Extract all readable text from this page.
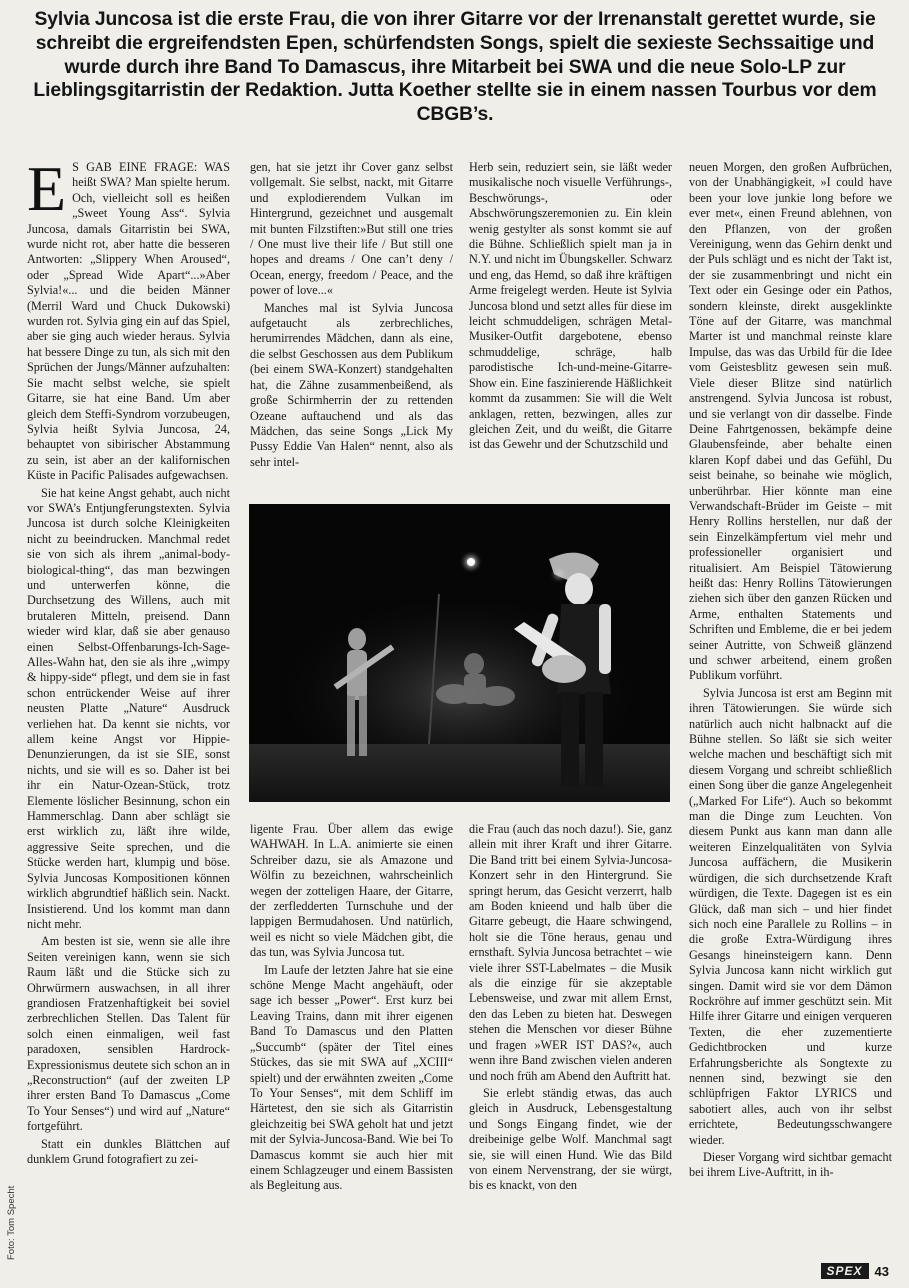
Sylvia Juncosa ist die erste Frau, die von ihrer Gitarre vor der Irrenanstalt gerettet wurde, sie schreibt die ergreifendsten Epen, schürfendsten Songs, spielt die sexieste Sechssaitige und wurde durch ihre Band To Damascus, ihre Mitarbeit bei SWA und die neue Solo-LP zur Lieblingsgitarristin der Redaktion. Jutta Koether stellte sie in einem nassen Tourbus vor dem CBGB’s.

E S GAB EINE FRAGE: WAS heißt SWA? Man spielte herum. Och, vielleicht soll es heißen „Sweet Young Ass“. Sylvia Juncosa, damals Gitarristin bei SWA, wurde nicht rot, aber hatte die besseren Antworten: „Slippery When Aroused“, oder „Spread Wide Apart“...»Aber Sylvia!«... und die beiden Männer (Merril Ward und Chuck Dukowski) wurden rot. Sylvia ging ein auf das Spiel, aber sie ging auch wieder heraus. Sylvia hat bessere Dinge zu tun, als sich mit den Sprüchen der Jungs/Männer aufzuhalten: Sie macht selbst welche, sie spielt Gitarre, sie hat eine Band. Um aber gleich dem Steffi-Syndrom vorzubeugen, Sylvia heißt Sylvia Juncosa, 24, behauptet von sibirischer Abstammung zu sein, ist aber an der kalifornischen Küste in Pacific Palisades aufgewachsen.

Sie hat keine Angst gehabt, auch nicht vor SWA’s Entjungferungstexten. Sylvia Juncosa ist durch solche Kleinigkeiten nicht zu beeindrucken. Manchmal redet sie von sich als ihrem „animal-body-biological-thing“, das man bezwingen und unterwerfen könne, die Durchsetzung des Willens, auch mit brutaleren Mitteln, preisend. Dann wieder wird klar, daß sie aber genauso einen Selbst-Offenbarungs-Ich-Sage-Alles-Wahn hat, den sie als ihre „wimpy & hippy-side“ pflegt, und dem sie in fast schon entrückender Weise auf ihrer neusten Platte „Nature“ Ausdruck verliehen hat. Da kennt sie nichts, vor allem keine Angst vor Hippie-Denunzierungen, da ist sie SIE, sonst nichts, und sie will es so. Daher ist bei ihr ein Natur-Ozean-Stück, trotz Elemente löslicher Besinnung, schon ein Hammerschlag. Dann aber schlägt sie erst wirklich zu, läßt ihre wilde, aggressive Seite sprechen, und die Stücke werden hart, klumpig und böse. Sylvia Juncosas Kompositionen können wirklich abgrundtief häßlich sein. Nackt. Insistierend. Und los kommt man dann nicht mehr.

Am besten ist sie, wenn sie alle ihre Seiten vereinigen kann, wenn sie sich Raum läßt und die Stücke sich zu Ohrwürmern auswachsen, in all ihrer grandiosen Fratzenhaftigkeit bei soviel zerbrechlichen Stellen. Das Talent für solch einen einmaligen, weil fast paradoxen, sensiblen Hardrock-Expressionismus deutete sich schon an in „Reconstruction“ (auf der zweiten LP ihrer ersten Band To Damascus „Come To Your Senses“) und wird auf „Nature“ fortgeführt.

Statt ein dunkles Blättchen auf dunklem Grund fotografiert zu zei-

gen, hat sie jetzt ihr Cover ganz selbst vollgemalt. Sie selbst, nackt, mit Gitarre und explodierendem Vulkan im Hintergrund, gezeichnet und ausgemalt mit bunten Filzstiften:»But still one tries / One must live their life / But still one hopes and dreams / One can’t deny / Ocean, energy, freedom / Peace, and the power of love...«

Manches mal ist Sylvia Juncosa aufgetaucht als zerbrechliches, herumirrendes Mädchen, dann als eine, die selbst Geschossen aus dem Publikum (bei einem SWA-Konzert) standgehalten hat, die Zähne zusammenbeißend, als große Schirmherrin der zu rettenden Ozeane auftauchend und als das Mädchen, das seine Songs „Lick My Pussy Eddie Van Halen“ nennt, also als sehr intel-

Herb sein, reduziert sein, sie läßt weder musikalische noch visuelle Verführungs-, Beschwörungs-, oder Abschwörungszeremonien zu. Ein klein wenig gestylter als sonst kommt sie auf die Bühne. Schließlich spielt man ja in N.Y. und nicht im Übungskeller. Schwarz und eng, das Hemd, so daß ihre kräftigen Arme freigelegt werden. Heute ist Sylvia Juncosa blond und setzt alles für diese im leicht schmuddeligen, schrägen Metal-Musiker-Outfit dargebotene, ebenso schmuddelige, schräge, halb parodistische Ich-und-meine-Gitarre-Show ein. Eine faszinierende Häßlichkeit kommt da zusammen: Sie will die Welt anklagen, retten, bezwingen, alles zur gleichen Zeit, und du weißt, die Gitarre ist das Gewehr und der Schutzschild und

ligente Frau. Über allem das ewige WAHWAH. In L.A. animierte sie einen Schreiber dazu, sie als Amazone und Wölfin zu bezeichnen, wahrscheinlich wegen der zotteligen Haare, der Gitarre, der zerfledderten Turnschuhe und der lappigen Bermudahosen. Und natürlich, weil es nicht so viele Mädchen gibt, die das tun, was Sylvia Juncosa tut.

Im Laufe der letzten Jahre hat sie eine schöne Menge Macht angehäuft, oder sage ich besser „Power“. Erst kurz bei Leaving Trains, dann mit ihrer eigenen Band To Damascus und den Platten „Succumb“ (später der Titel eines Stückes, das sie mit SWA auf „XCIII“ spielt) und der erwähnten zweiten „Come To Your Senses“, mit dem Schliff im Härtetest, den sie sich als Gitarristin gleichzeitig bei SWA geholt hat und jetzt mit der Sylvia-Juncosa-Band. Wie bei To Damascus kommt sie auch hier mit einem Schlagzeuger und einem Bassisten als Begleitung aus.

die Frau (auch das noch dazu!). Sie, ganz allein mit ihrer Kraft und ihrer Gitarre. Die Band tritt bei einem Sylvia-Juncosa-Konzert sehr in den Hintergrund. Sie springt herum, das Gesicht verzerrt, halb am Boden knieend und halb über die Gitarre gebeugt, die Haare schwingend, holt sie die Töne heraus, genau und ernsthaft. Sylvia Juncosa betrachtet – wie viele ihrer SST-Labelmates – die Musik als die einzige für sie akzeptable Lebensweise, und zwar mit allem Ernst, den das Leben zu bieten hat. Deswegen stehen die Menschen vor dieser Bühne und fragen »WER IST DAS?«, auch wenn ihre Band zwischen vielen anderen und noch früh am Abend den Auftritt hat.

Sie erlebt ständig etwas, das auch gleich in Ausdruck, Lebensgestaltung und Songs Eingang findet, wie der dreibeinige gelbe Wolf. Manchmal sagt sie, sie will einen Hund. Wie das Bild von einem Nervenstrang, der sie würgt, bis es knackt, von den

neuen Morgen, den großen Aufbrüchen, von der Unabhängigkeit, »I could have been your love junkie long before we ever met«, einen Freund ablehnen, von den Pflanzen, von der großen Vereinigung, wenn das Gehirn denkt und der Puls schlägt und es nicht der Takt ist, der sie zusammenbringt und nicht ein Text oder ein Gesinge oder ein Pathos, sondern kleinste, direkt ausgeklinkte Töne auf der Gitarre, was manchmal Marter ist und manchmal reinste klare Impulse, das was das Urbild für die Idee vom Geistesblitz gewesen sein muß. Viele dieser Blitze sind natürlich anstrengend. Sylvia Juncosa ist robust, und sie verlangt von dir dasselbe. Finde Deine Fahrtgenossen, bekämpfe deine Glaubensfeinde, aber behalte einen klaren Kopf dabei und das Gefühl, Du seist beinahe, so beinahe wie möglich, unberührbar. Hier könnte man eine Verwandschaft-Brüder im Geiste – mit Henry Rollins herstellen, nur daß der sein Einzelkämpfertum viel mehr und professioneller organisiert und ritualisiert. Am Beispiel Tätowierung heißt das: Henry Rollins Tätowierungen ziehen sich über den ganzen Rücken und Arme, enthalten Statements und Schriften und Embleme, die er bei jedem seiner Autritte, von Schweiß glänzend und schwer arbeitend, einem großen Publikum vorführt.

Sylvia Juncosa ist erst am Beginn mit ihren Tätowierungen. Sie würde sich natürlich auch nicht halbnackt auf die Bühne stellen. So läßt sie sich weiter welche machen und beschäftigt sich mit diesem Vorgang und schreibt schließlich einen Song über die ganze Angelegenheit („Marked For Life“). Auch so bekommt man die Dinge zum Leuchten. Von diesem Punkt aus kann man dann alle weiteren Einzelqualitäten von Sylvia Juncosa auffächern, die Musikerin würdigen, die sich durchsetzende Kraft würdigen, die Texte. Dagegen ist es ein Glück, daß man sich – und hier findet sich noch eine Parallele zu Rollins – in die große Extra-Würdigung ihres Gesangs hineinsteigern kann. Denn Sylvia Juncosa kann nicht wirklich gut singen. Damit wird sie vor dem Dämon Rockröhre auf immer geschützt sein. Mit Hilfe ihrer Gitarre und einigen verqueren Texten, die eher zuzementierte Gedichtbrocken und kurze Erfahrungsberichte als Songtexte zu nennen sind, bezwingt sie den schlüpfrigen Faktor LYRICS und sabotiert alles, auch von ihr selbst errichtete, Bedeutungsschwangere wieder.

Dieser Vorgang wird sichtbar gemacht bei ihrem Live-Auftritt, in ih-

Foto: Tom Specht
SPEX 43
